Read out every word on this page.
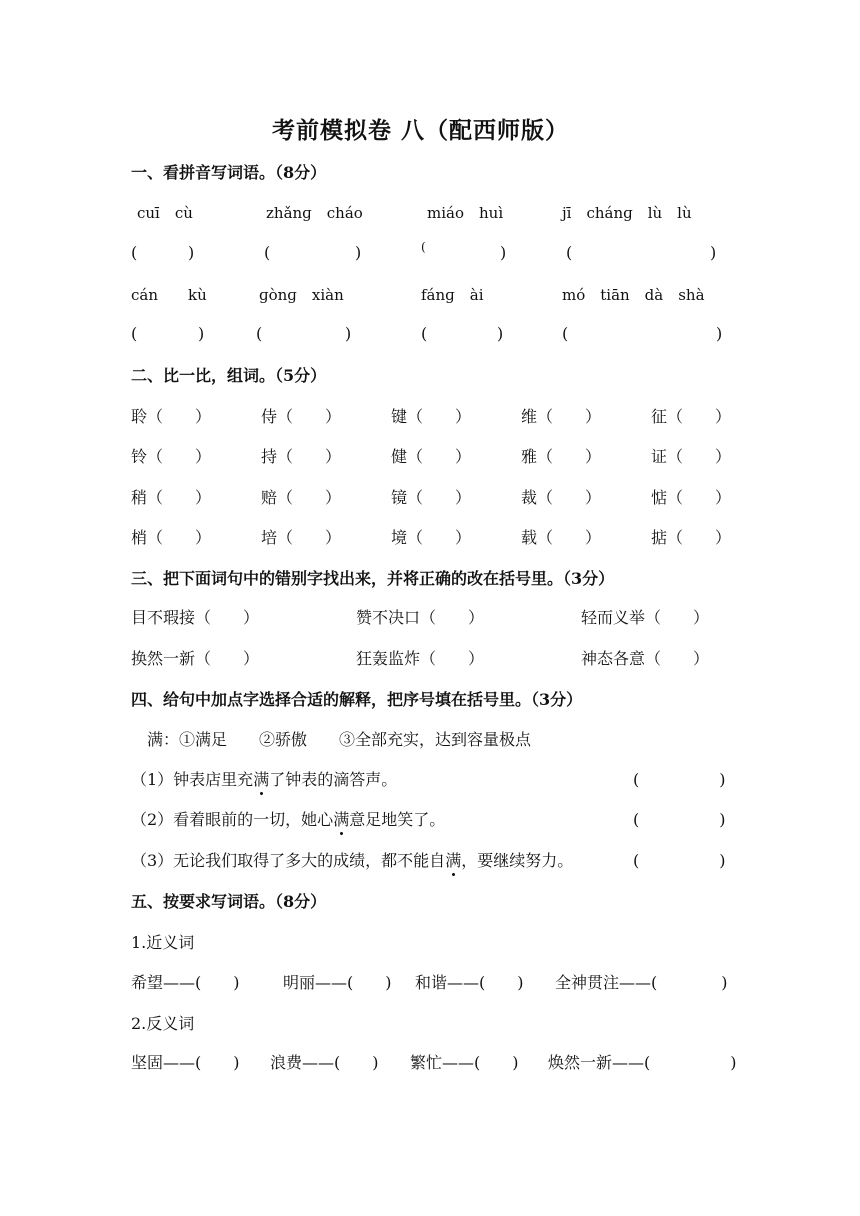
考前模拟卷 八（配西师版）
一、看拼音写词语。（8分）
cuī　cù	zhǎnɡ　cháo	miáo　huì	jī　chánɡ　lù　lù
(	)	(	)	(	)	(	)
cán　　kù	ɡònɡ　xiàn	fánɡ　ài	mó　tiān　dà　shà
(	)	(	)	(	)	(	)
二、比一比，组词。（5分）
聆（　　）	侍（　　）	键（　　）	维（　　）	征（　　）
铃（　　）	持（　　）	健（　　）	雅（　　）	证（　　）
稍（　　）	赔（　　）	镜（　　）	裁（　　）	惦（　　）
梢（　　）	培（　　）	境（　　）	载（　　）	掂（　　）
三、把下面词句中的错别字找出来，并将正确的改在括号里。（3分）
目不瑕接（　　）	赞不决口（　　）	轻而义举（　　）
换然一新（　　）	狂轰监炸（　　）	神态各意（　　）
四、给句中加点字选择合适的解释，把序号填在括号里。（3分）
满：①满足　　②骄傲　　③全部充实，达到容量极点
（1）钟表店里充满了钟表的滴答声。	(　　　　　)
（2）看着眼前的一切，她心满意足地笑了。	(　　　　　)
（3）无论我们取得了多大的成绩，都不能自满，要继续努力。	(　　　　　)
五、按要求写词语。（8分）
1.近义词
希望——(　　)	明丽——(　　) 和谐——(　　) 全神贯注——(　　　　)
2.反义词
坚固——(　　) 浪费——(　　) 繁忙——(　　) 焕然一新——(　　　　　)
